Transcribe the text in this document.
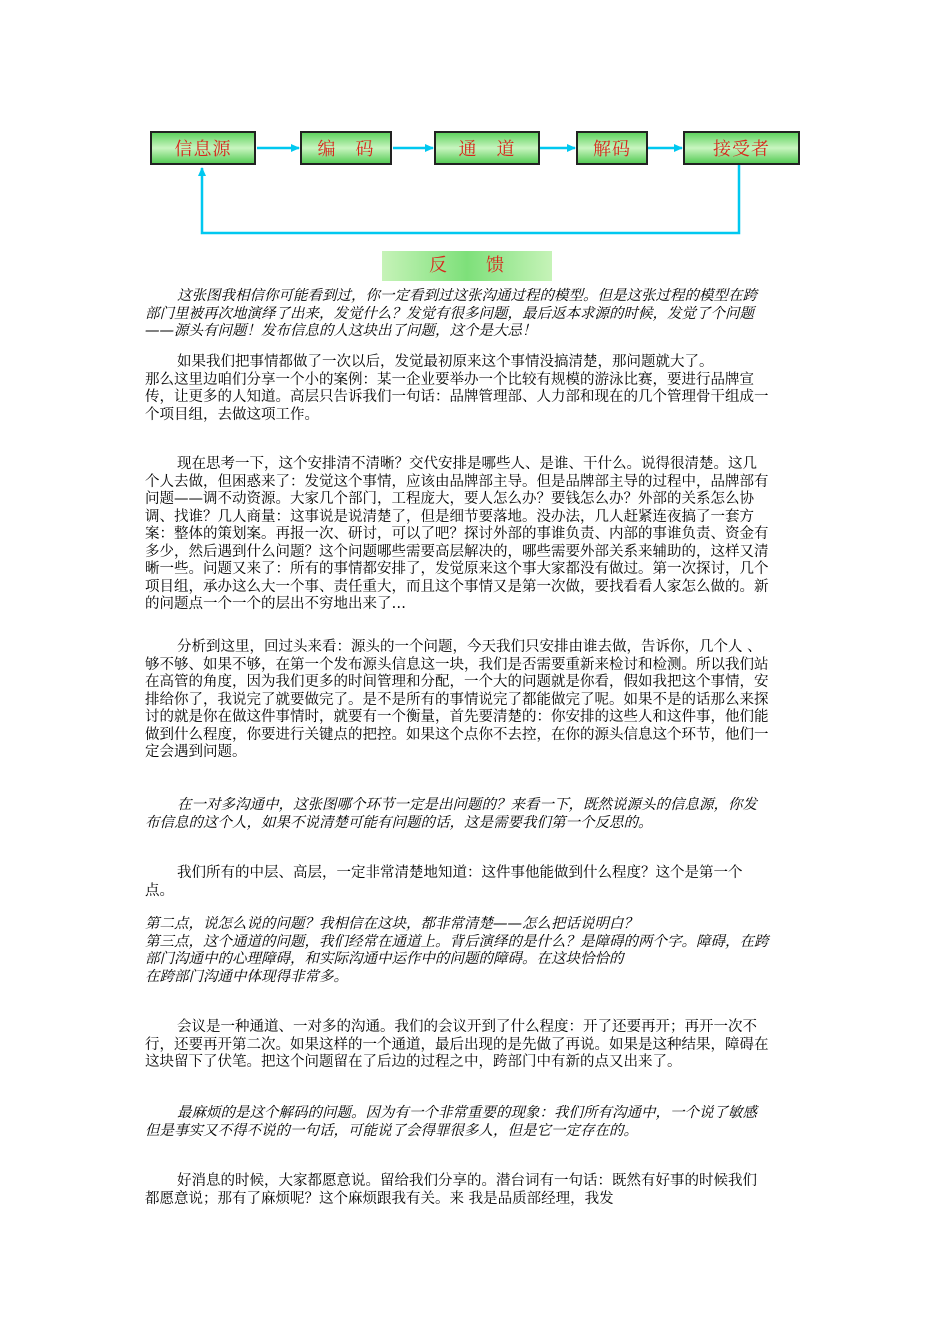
信息源	编　码	通　道	解码	接受者
反　　馈

这张图我相信你可能看到过，你一定看到过这张沟通过程的模型。但是这张过程的模型在跨部门里被再次地演绎了出来，发觉什么？发觉有很多问题，最后返本求源的时候，发觉了个问题——源头有问题！发布信息的人这块出了问题，这个是大忌！

如果我们把事情都做了一次以后，发觉最初原来这个事情没搞清楚，那问题就大了。

那么这里边咱们分享一个小的案例：某一企业要举办一个比较有规模的游泳比赛，要进行品牌宣传，让更多的人知道。高层只告诉我们一句话：品牌管理部、人力部和现在的几个管理骨干组成一个项目组，去做这项工作。

现在思考一下，这个安排清不清晰？交代安排是哪些人、是谁、干什么。说得很清楚。这几个人去做，但困惑来了：发觉这个事情，应该由品牌部主导。但是品牌部主导的过程中，品牌部有问题——调不动资源。大家几个部门，工程庞大，要人怎么办？要钱怎么办？外部的关系怎么协调、找谁？几人商量：这事说是说清楚了，但是细节要落地。没办法，几人赶紧连夜搞了一套方案：整体的策划案。再报一次、研讨，可以了吧？探讨外部的事谁负责、内部的事谁负责、资金有多少，然后遇到什么问题？这个问题哪些需要高层解决的，哪些需要外部关系来辅助的，这样又清晰一些。问题又来了：所有的事情都安排了，发觉原来这个事大家都没有做过。第一次探讨，几个项目组，承办这么大一个事、责任重大，而且这个事情又是第一次做，要找看看人家怎么做的。新的问题点一个一个的层出不穷地出来了…

分析到这里，回过头来看：源头的一个问题，今天我们只安排由谁去做，告诉你，几个人 、够不够、如果不够，在第一个发布源头信息这一块，我们是否需要重新来检讨和检测。所以我们站在高管的角度，因为我们更多的时间管理和分配，一个大的问题就是你看，假如我把这个事情，安排给你了，我说完了就要做完了。是不是所有的事情说完了都能做完了呢。如果不是的话那么来探讨的就是你在做这件事情时，就要有一个衡量，首先要清楚的：你安排的这些人和这件事，他们能做到什么程度，你要进行关键点的把控。如果这个点你不去控，在你的源头信息这个环节，他们一定会遇到问题。

在一对多沟通中，这张图哪个环节一定是出问题的？来看一下，既然说源头的信息源，你发布信息的这个人，如果不说清楚可能有问题的话，这是需要我们第一个反思的。

我们所有的中层、高层，一定非常清楚地知道：这件事他能做到什么程度？这个是第一个点。

第二点，说怎么说的问题？我相信在这块，都非常清楚——怎么把话说明白？

第三点，这个通道的问题，我们经常在通道上。背后演绎的是什么？是障碍的两个字。障碍，在跨部门沟通中的心理障碍，和实际沟通中运作中的问题的障碍。在这块恰恰的

在跨部门沟通中体现得非常多。

会议是一种通道、一对多的沟通。我们的会议开到了什么程度：开了还要再开；再开一次不行，还要再开第二次。如果这样的一个通道，最后出现的是先做了再说。如果是这种结果，障碍在这块留下了伏笔。把这个问题留在了后边的过程之中，跨部门中有新的点又出来了。

最麻烦的是这个解码的问题。因为有一个非常重要的现象：我们所有沟通中，一个说了敏感但是事实又不得不说的一句话，可能说了会得罪很多人，但是它一定存在的。

好消息的时候，大家都愿意说。留给我们分享的。潜台词有一句话：既然有好事的时候我们都愿意说；那有了麻烦呢？这个麻烦跟我有关。来 我是品质部经理，我发
